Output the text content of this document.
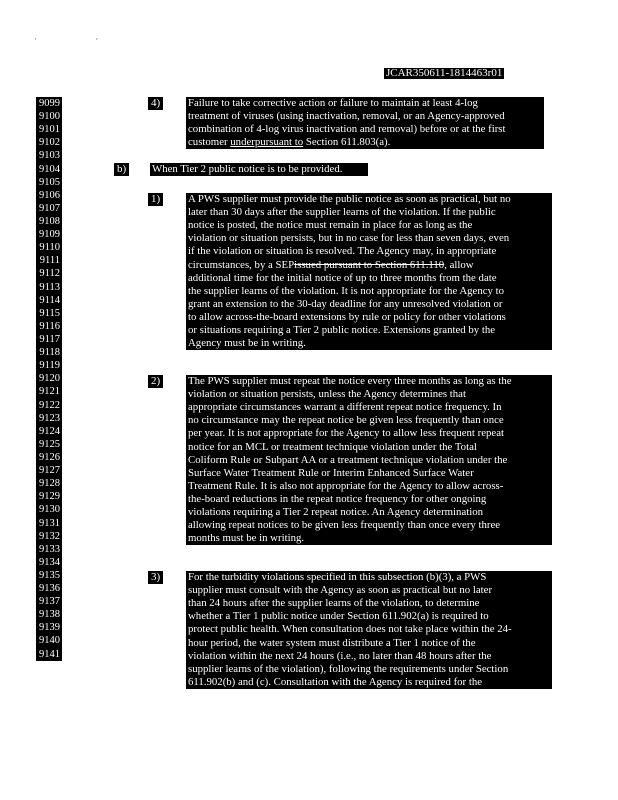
· ·
JCAR350611-1814463r01
9099
9100
9101
9102
9103
9104
9105
9106
9107
9108
9109
9110
9111
9112
9113
9114
9115
9116
9117
9118
9119
9120
9121
9122
9123
9124
9125
9126
9127
9128
9129
9130
9131
9132
9133
9134
9135
9136
9137
9138
9139
9140
9141
4)	Failure to take corrective action or failure to maintain at least 4-log
treatment of viruses (using inactivation, removal, or an Agency-approved
combination of 4-log virus inactivation and removal) before or at the first
customer underpursuant to Section 611.803(a).
b) When Tier 2 public notice is to be provided.
1)	A PWS supplier must provide the public notice as soon as practical, but no
later than 30 days after the supplier learns of the violation. If the public
notice is posted, the notice must remain in place for as long as the
violation or situation persists, but in no case for less than seven days, even
if the violation or situation is resolved. The Agency may, in appropriate
circumstances, by a SEPissued pursuant to Section 611.110, allow
additional time for the initial notice of up to three months from the date
the supplier learns of the violation. It is not appropriate for the Agency to
grant an extension to the 30-day deadline for any unresolved violation or
to allow across-the-board extensions by rule or policy for other violations
or situations requiring a Tier 2 public notice. Extensions granted by the
Agency must be in writing.
2)	The PWS supplier must repeat the notice every three months as long as the
violation or situation persists, unless the Agency determines that
appropriate circumstances warrant a different repeat notice frequency. In
no circumstance may the repeat notice be given less frequently than once
per year. It is not appropriate for the Agency to allow less frequent repeat
notice for an MCL or treatment technique violation under the Total
Coliform Rule or Subpart AA or a treatment technique violation under the
Surface Water Treatment Rule or Interim Enhanced Surface Water
Treatment Rule. It is also not appropriate for the Agency to allow across-
the-board reductions in the repeat notice frequency for other ongoing
violations requiring a Tier 2 repeat notice. An Agency determination
allowing repeat notices to be given less frequently than once every three
months must be in writing.
3)	For the turbidity violations specified in this subsection (b)(3), a PWS
supplier must consult with the Agency as soon as practical but no later
than 24 hours after the supplier learns of the violation, to determine
whether a Tier 1 public notice under Section 611.902(a) is required to
protect public health. When consultation does not take place within the 24-
hour period, the water system must distribute a Tier 1 notice of the
violation within the next 24 hours (i.e., no later than 48 hours after the
supplier learns of the violation), following the requirements under Section
611.902(b) and (c). Consultation with the Agency is required for the
